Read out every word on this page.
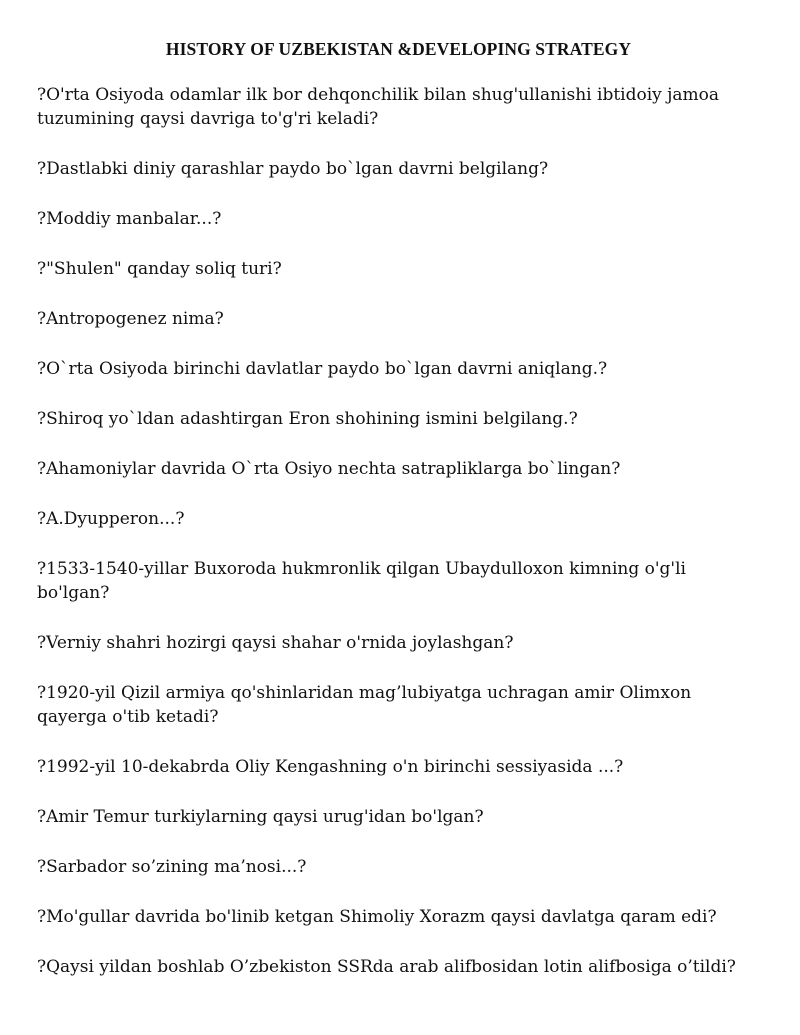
HISTORY OF UZBEKISTAN &DEVELOPING STRATEGY
?O'rta Osiyoda odamlar ilk bor dehqonchilik bilan shug'ullanishi ibtidoiy jamoa tuzumining qaysi davriga to'g'ri keladi?
?Dastlabki diniy qarashlar paydo bo`lgan davrni belgilang?
?Moddiy manbalar...?
?"Shulen" qanday soliq turi?
?Antropogenez nima?
?O`rta Osiyoda birinchi davlatlar paydo bo`lgan davrni aniqlang.?
?Shiroq yo`ldan adashtirgan Eron shohining ismini belgilang.?
?Ahamoniylar davrida O`rta Osiyo nechta satrapliklarga bo`lingan?
?A.Dyupperon...?
?1533-1540-yillar Buxoroda hukmronlik qilgan Ubaydulloxon kimning o'g'li bo'lgan?
?Verniy shahri hozirgi qaysi shahar o'rnida joylashgan?
?1920-yil Qizil armiya qo'shinlaridan mag’lubiyatga uchragan amir Olimxon qayerga o'tib ketadi?
?1992-yil 10-dekabrda Oliy Kengashning o'n birinchi sessiyasida ...?
?Amir Temur turkiylarning qaysi urug'idan bo'lgan?
?Sarbador so’zining ma’nosi...?
?Mo'gullar davrida bo'linib ketgan Shimoliy Xorazm qaysi davlatga qaram edi?
?Qaysi yildan boshlab O’zbekiston SSRda arab alifbosidan lotin alifbosiga o’tildi?
